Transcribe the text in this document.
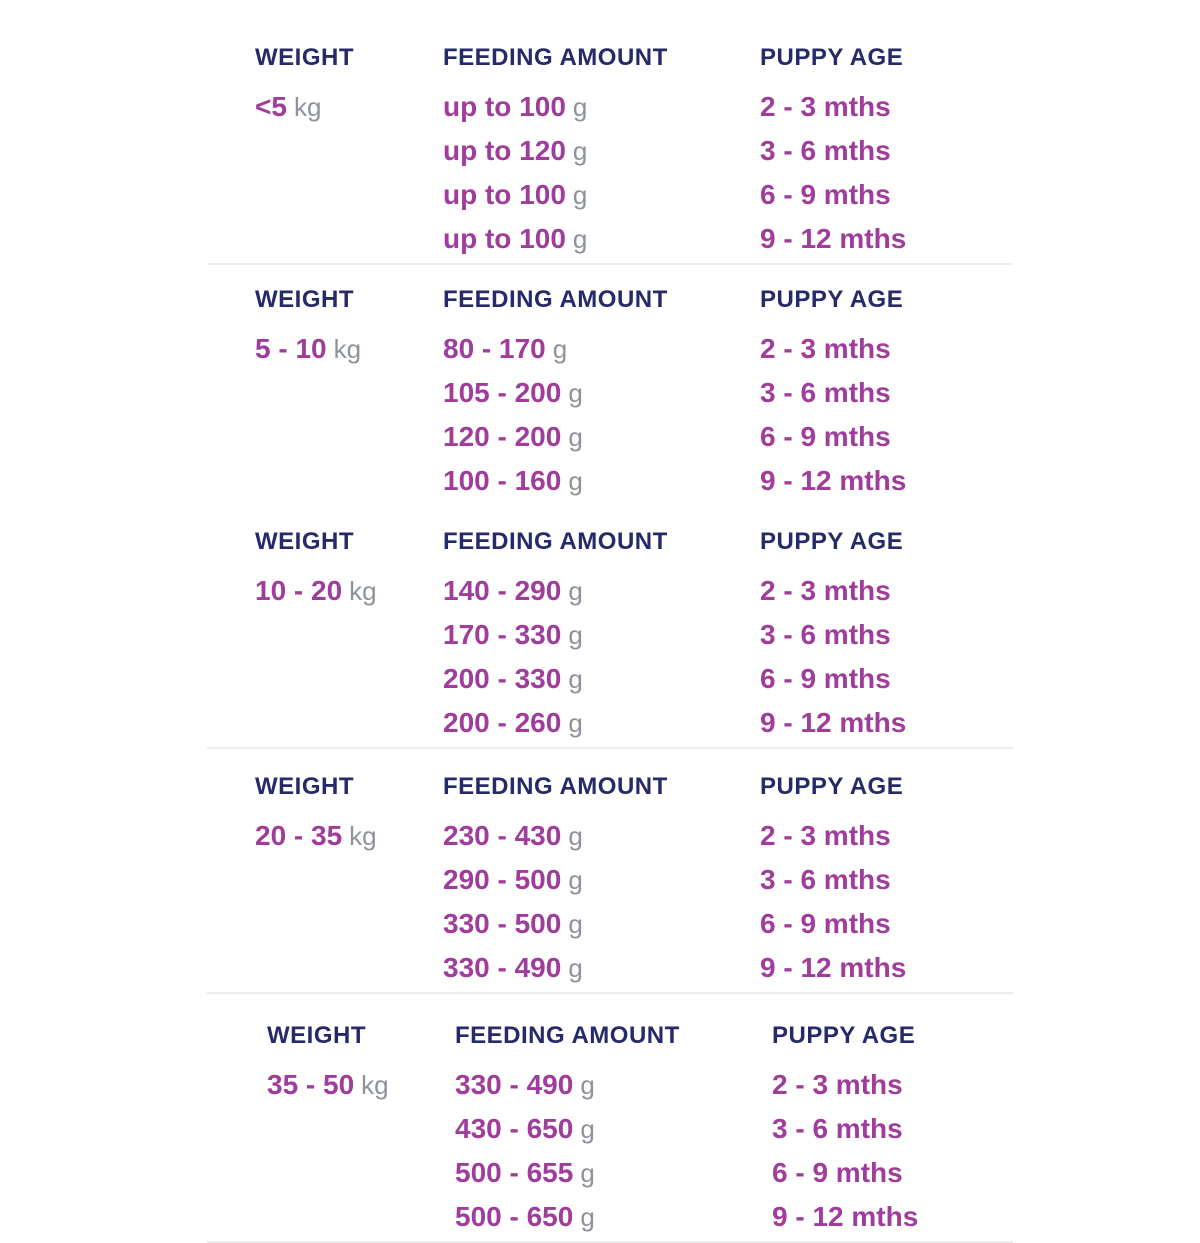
WEIGHT	FEEDING AMOUNT	PUPPY AGE
<5 kg	up to 100 g	2 - 3 mths
up to 120 g	3 - 6 mths
up to 100 g	6 - 9 mths
up to 100 g	9 - 12 mths
WEIGHT	FEEDING AMOUNT	PUPPY AGE
5 - 10 kg	80 - 170 g	2 - 3 mths
105 - 200 g	3 - 6 mths
120 - 200 g	6 - 9 mths
100 - 160 g	9 - 12 mths
WEIGHT	FEEDING AMOUNT	PUPPY AGE
10 - 20 kg	140 - 290 g	2 - 3 mths
170 - 330 g	3 - 6 mths
200 - 330 g	6 - 9 mths
200 - 260 g	9 - 12 mths
WEIGHT	FEEDING AMOUNT	PUPPY AGE
20 - 35 kg	230 - 430 g	2 - 3 mths
290 - 500 g	3 - 6 mths
330 - 500 g	6 - 9 mths
330 - 490 g	9 - 12 mths
WEIGHT	FEEDING AMOUNT	PUPPY AGE
35 - 50 kg	330 - 490 g	2 - 3 mths
430 - 650 g	3 - 6 mths
500 - 655 g	6 - 9 mths
500 - 650 g	9 - 12 mths
